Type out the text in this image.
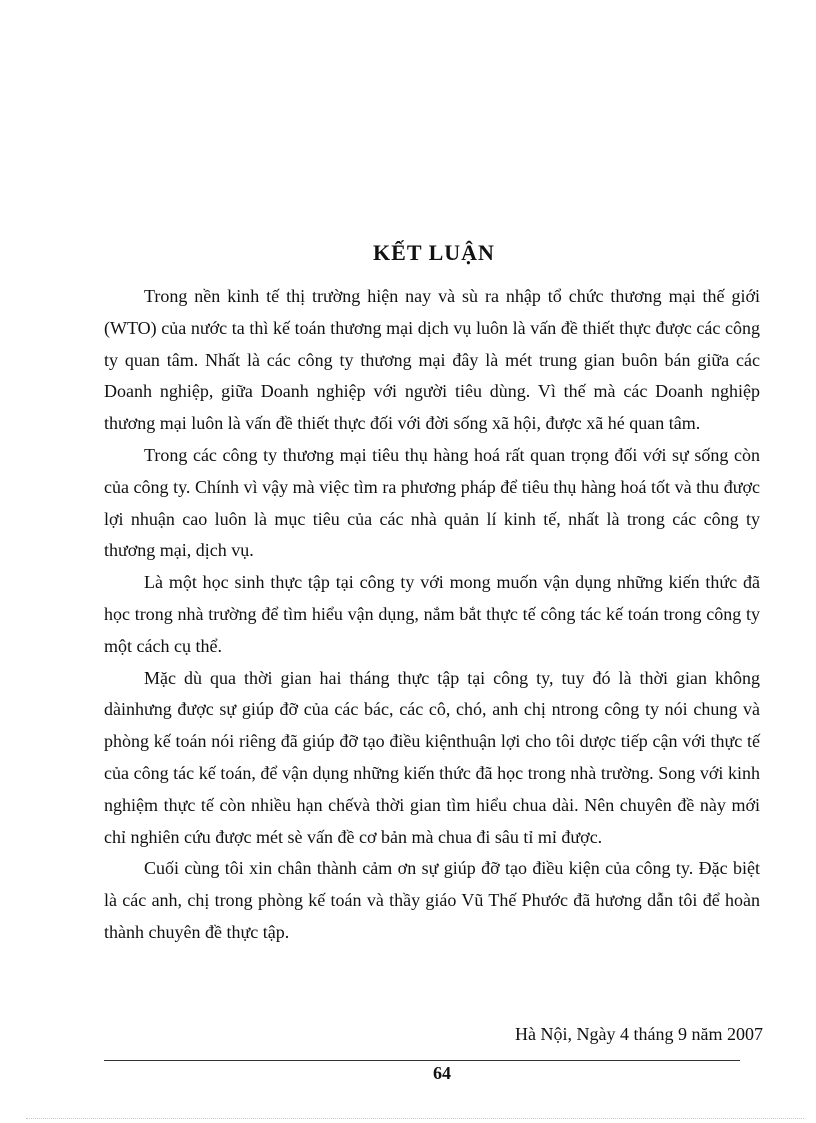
KẾT LUẬN

Trong nền kinh tế thị trường hiện nay và sù ra nhập tổ chức thương mại thế giới (WTO) của nước ta thì kế toán thương mại dịch vụ luôn là vấn đề thiết thực được các công ty quan tâm. Nhất là các công ty thương mại đây là mét trung gian buôn bán giữa các Doanh nghiệp, giữa Doanh nghiệp với người tiêu dùng. Vì thế mà các Doanh nghiệp thương mại luôn là vấn đề thiết thực đối với đời sống xã hội, được xã hé quan tâm.

Trong các công ty thương mại tiêu thụ hàng hoá rất quan trọng đối với sự sống còn của công ty. Chính vì vậy mà việc tìm ra phương pháp để tiêu thụ hàng hoá tốt và thu được lợi nhuận cao luôn là mục tiêu của các nhà quản lí kinh tế, nhất là trong các công ty thương mại, dịch vụ.

Là một học sinh thực tập tại công ty với mong muốn vận dụng những kiến thức đã học trong nhà trường để tìm hiểu vận dụng, nắm bắt thực tế công tác kế toán trong công ty một cách cụ thể.

Mặc dù qua thời gian hai tháng thực tập tại công ty, tuy đó là thời gian không dàinhưng được sự giúp đỡ của các bác, các cô, chó, anh chị ntrong công ty nói chung và phòng kế toán nói riêng đã giúp đỡ tạo điều kiệnthuận lợi cho tôi dược tiếp cận với thực tế của công tác kế toán, để vận dụng những kiến thức đã học trong nhà trường. Song với kinh nghiệm thực tế còn nhiều hạn chếvà thời gian tìm hiểu chua dài. Nên chuyên đề này mới chỉ nghiên cứu được mét sè vấn đề cơ bản mà chua đi sâu tỉ mỉ được.

Cuối cùng tôi xin chân thành cảm ơn sự giúp đỡ tạo điều kiện của công ty. Đặc biệt là các anh, chị trong phòng kế toán và thầy giáo Vũ Thế Phước đã hương dẫn tôi để hoàn thành chuyên đề thực tập.

Hà Nội, Ngày 4 tháng 9 năm 2007

64
